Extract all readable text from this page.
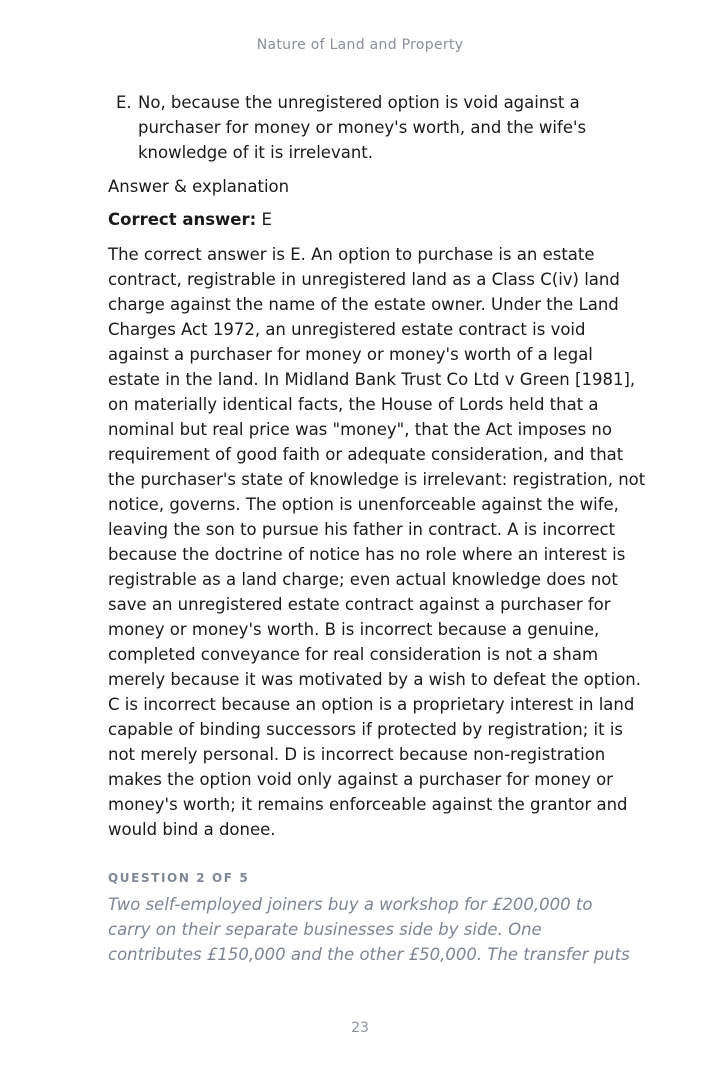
Nature of Land and Property
E. No, because the unregistered option is void against a purchaser for money or money's worth, and the wife's knowledge of it is irrelevant.
Answer & explanation
Correct answer: E
The correct answer is E. An option to purchase is an estate contract, registrable in unregistered land as a Class C(iv) land charge against the name of the estate owner. Under the Land Charges Act 1972, an unregistered estate contract is void against a purchaser for money or money's worth of a legal estate in the land. In Midland Bank Trust Co Ltd v Green [1981], on materially identical facts, the House of Lords held that a nominal but real price was "money", that the Act imposes no requirement of good faith or adequate consideration, and that the purchaser's state of knowledge is irrelevant: registration, not notice, governs. The option is unenforceable against the wife, leaving the son to pursue his father in contract. A is incorrect because the doctrine of notice has no role where an interest is registrable as a land charge; even actual knowledge does not save an unregistered estate contract against a purchaser for money or money's worth. B is incorrect because a genuine, completed conveyance for real consideration is not a sham merely because it was motivated by a wish to defeat the option. C is incorrect because an option is a proprietary interest in land capable of binding successors if protected by registration; it is not merely personal. D is incorrect because non-registration makes the option void only against a purchaser for money or money's worth; it remains enforceable against the grantor and would bind a donee.
QUESTION 2 OF 5
Two self-employed joiners buy a workshop for £200,000 to
carry on their separate businesses side by side. One
contributes £150,000 and the other £50,000. The transfer puts
23
